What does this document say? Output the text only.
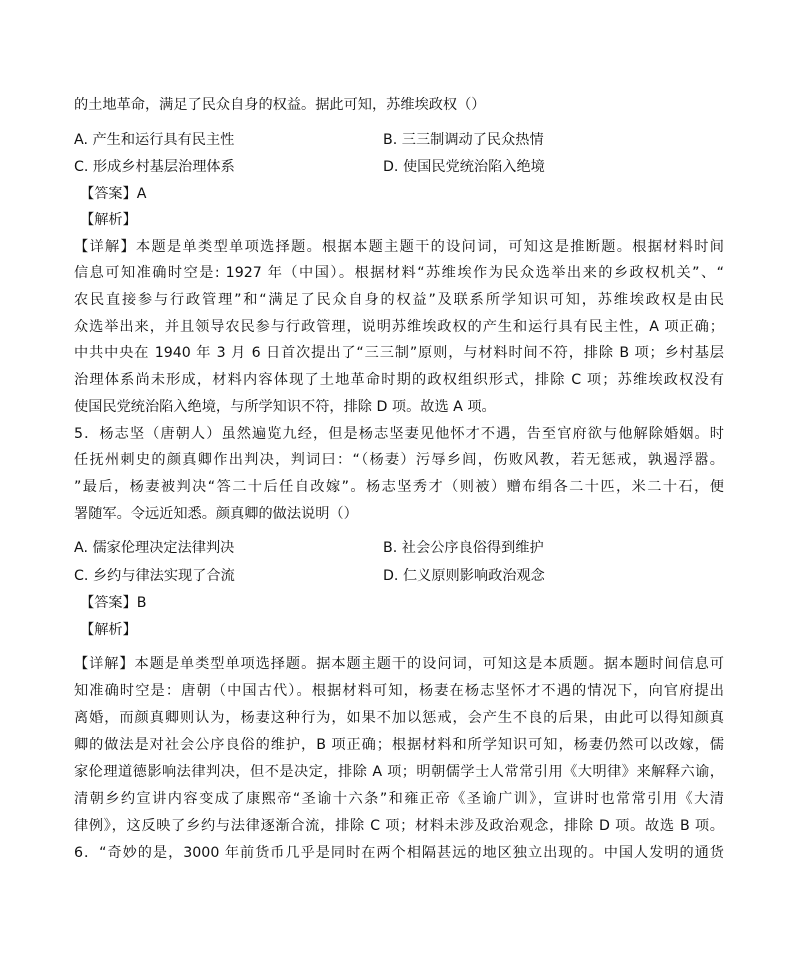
的土地革命，满足了民众自身的权益。据此可知，苏维埃政权（）
A. 产生和运行具有民主性	B. 三三制调动了民众热情
C. 形成乡村基层治理体系	D. 使国民党统治陷入绝境
【答案】A
【解析】
【详解】本题是单类型单项选择题。根据本题主题干的设问词，可知这是推断题。根据材料时间
信息可知准确时空是: 1927 年（中国）。根据材料“苏维埃作为民众选举出来的乡政权机关”、“
农民直接参与行政管理”和“满足了民众自身的权益”及联系所学知识可知，苏维埃政权是由民
众选举出来，并且领导农民参与行政管理，说明苏维埃政权的产生和运行具有民主性，A 项正确；
中共中央在 1940 年 3 月 6 日首次提出了“三三制”原则，与材料时间不符，排除 B 项；乡村基层
治理体系尚未形成，材料内容体现了土地革命时期的政权组织形式，排除 C 项；苏维埃政权没有
使国民党统治陷入绝境，与所学知识不符，排除 D 项。故选 A 项。
5．杨志坚（唐朝人）虽然遍览九经，但是杨志坚妻见他怀才不遇，告至官府欲与他解除婚姻。时
任抚州刺史的颜真卿作出判决，判词曰：“（杨妻）污辱乡闾，伤败风教，若无惩戒，孰遏浮嚣。
”最后，杨妻被判决“答二十后任自改嫁”。杨志坚秀才（则被）赠布绢各二十匹，米二十石，便
署随军。令远近知悉。颜真卿的做法说明（）
A. 儒家伦理决定法律判决	B. 社会公序良俗得到维护
C. 乡约与律法实现了合流	D. 仁义原则影响政治观念
【答案】B
【解析】
【详解】本题是单类型单项选择题。据本题主题干的设问词，可知这是本质题。据本题时间信息可
知准确时空是：唐朝（中国古代）。根据材料可知，杨妻在杨志坚怀才不遇的情况下，向官府提出
离婚，而颜真卿则认为，杨妻这种行为，如果不加以惩戒，会产生不良的后果，由此可以得知颜真
卿的做法是对社会公序良俗的维护，B 项正确；根据材料和所学知识可知，杨妻仍然可以改嫁，儒
家伦理道德影响法律判决，但不是决定，排除 A 项；明朝儒学士人常常引用《大明律》来解释六谕，
清朝乡约宣讲内容变成了康熙帝“圣谕十六条”和雍正帝《圣谕广训》，宣讲时也常常引用《大清
律例》，这反映了乡约与法律逐渐合流，排除 C 项；材料未涉及政治观念，排除 D 项。故选 B 项。
6．“奇妙的是，3000 年前货币几乎是同时在两个相隔甚远的地区独立出现的。中国人发明的通货
